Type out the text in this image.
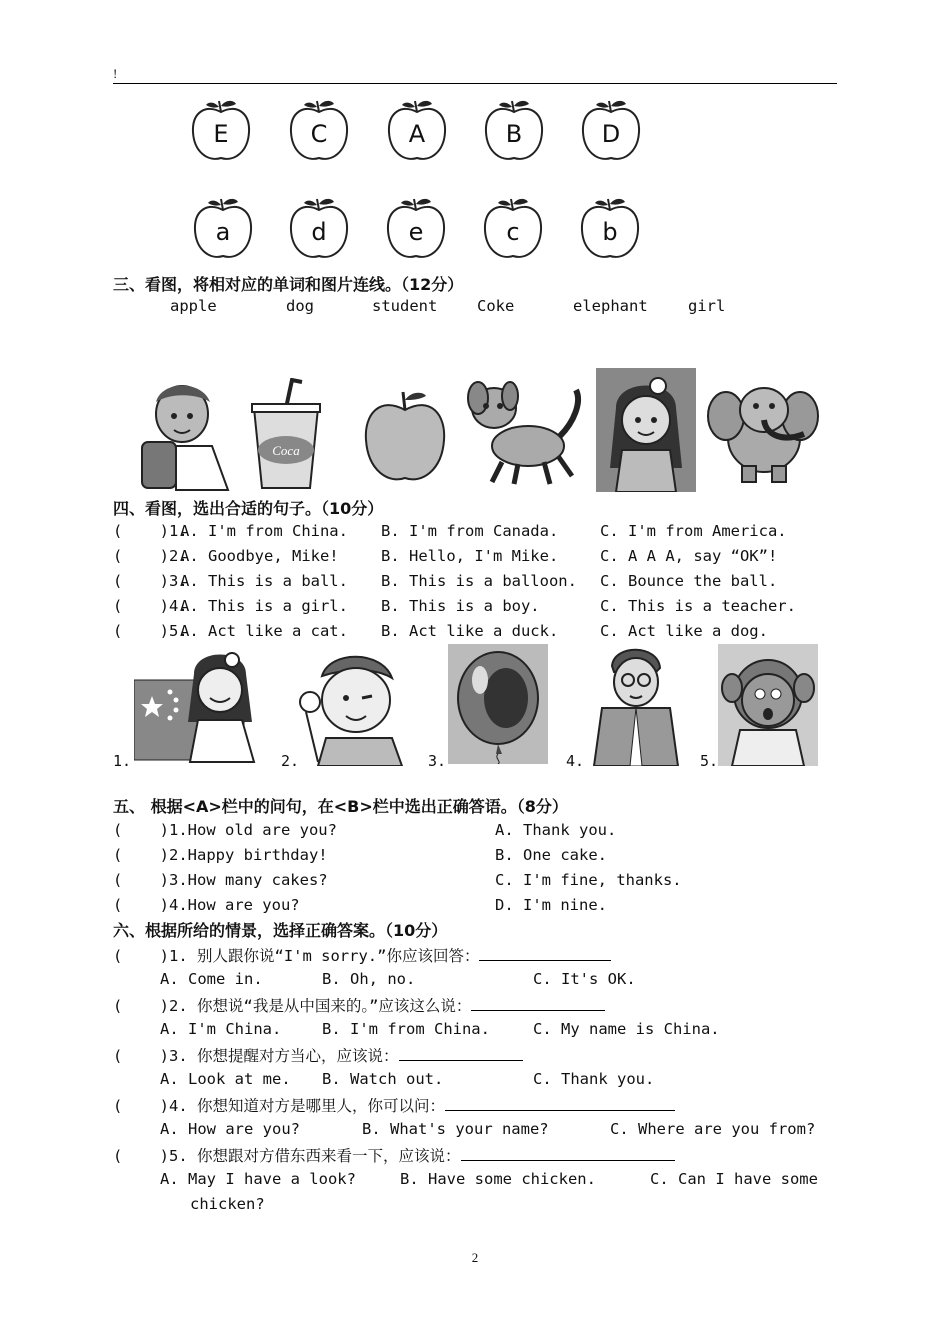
!
E	C	A	B	D
a	d	e	c	b
三、看图，将相对应的单词和图片连线。（12分）
apple	dog	student	Coke	elephant	girl
Coca
四、看图，选出合适的句子。（10分）
(    )1.
A. I'm from China. B. I'm from Canada.	C. I'm from America.
(    )2.
A. Goodbye, Mike!	B. Hello, I'm Mike.	C. A A A, say “OK”!
(    )3.
A. This is a ball. B. This is a balloon. C. Bounce the ball.
(    )4.
A. This is a girl. B. This is a boy.	C. This is a teacher.
(    )5.
A. Act like a cat. B. Act like a duck.	C. Act like a dog.
1.	2.	3.	4.	5.
五、 根据<A>栏中的问句，在<B>栏中选出正确答语。（8分）
(    )1.How old are you?	A. Thank you.
(    )2.Happy birthday!	B. One cake.
(    )3.How many cakes?	C. I'm fine, thanks.
(    )4.How are you?	D. I'm nine.
六、根据所给的情景，选择正确答案。（10分）
(    )1. 别人跟你说“I'm sorry.”你应该回答：
A. Come in.	B. Oh, no.	C. It's OK.
(    )2. 你想说“我是从中国来的。”应该这么说：
A. I'm China.	B. I'm from China.	C. My name is China.
(    )3. 你想提醒对方当心，应该说：
A. Look at me. B. Watch out.	C. Thank you.
(    )4. 你想知道对方是哪里人，你可以问：
A. How are you?	B. What's your name?	C. Where are you from?
(    )5. 你想跟对方借东西来看一下，应该说：
A. May I have a look?	B. Have some chicken.	C. Can I have some
chicken?
2
